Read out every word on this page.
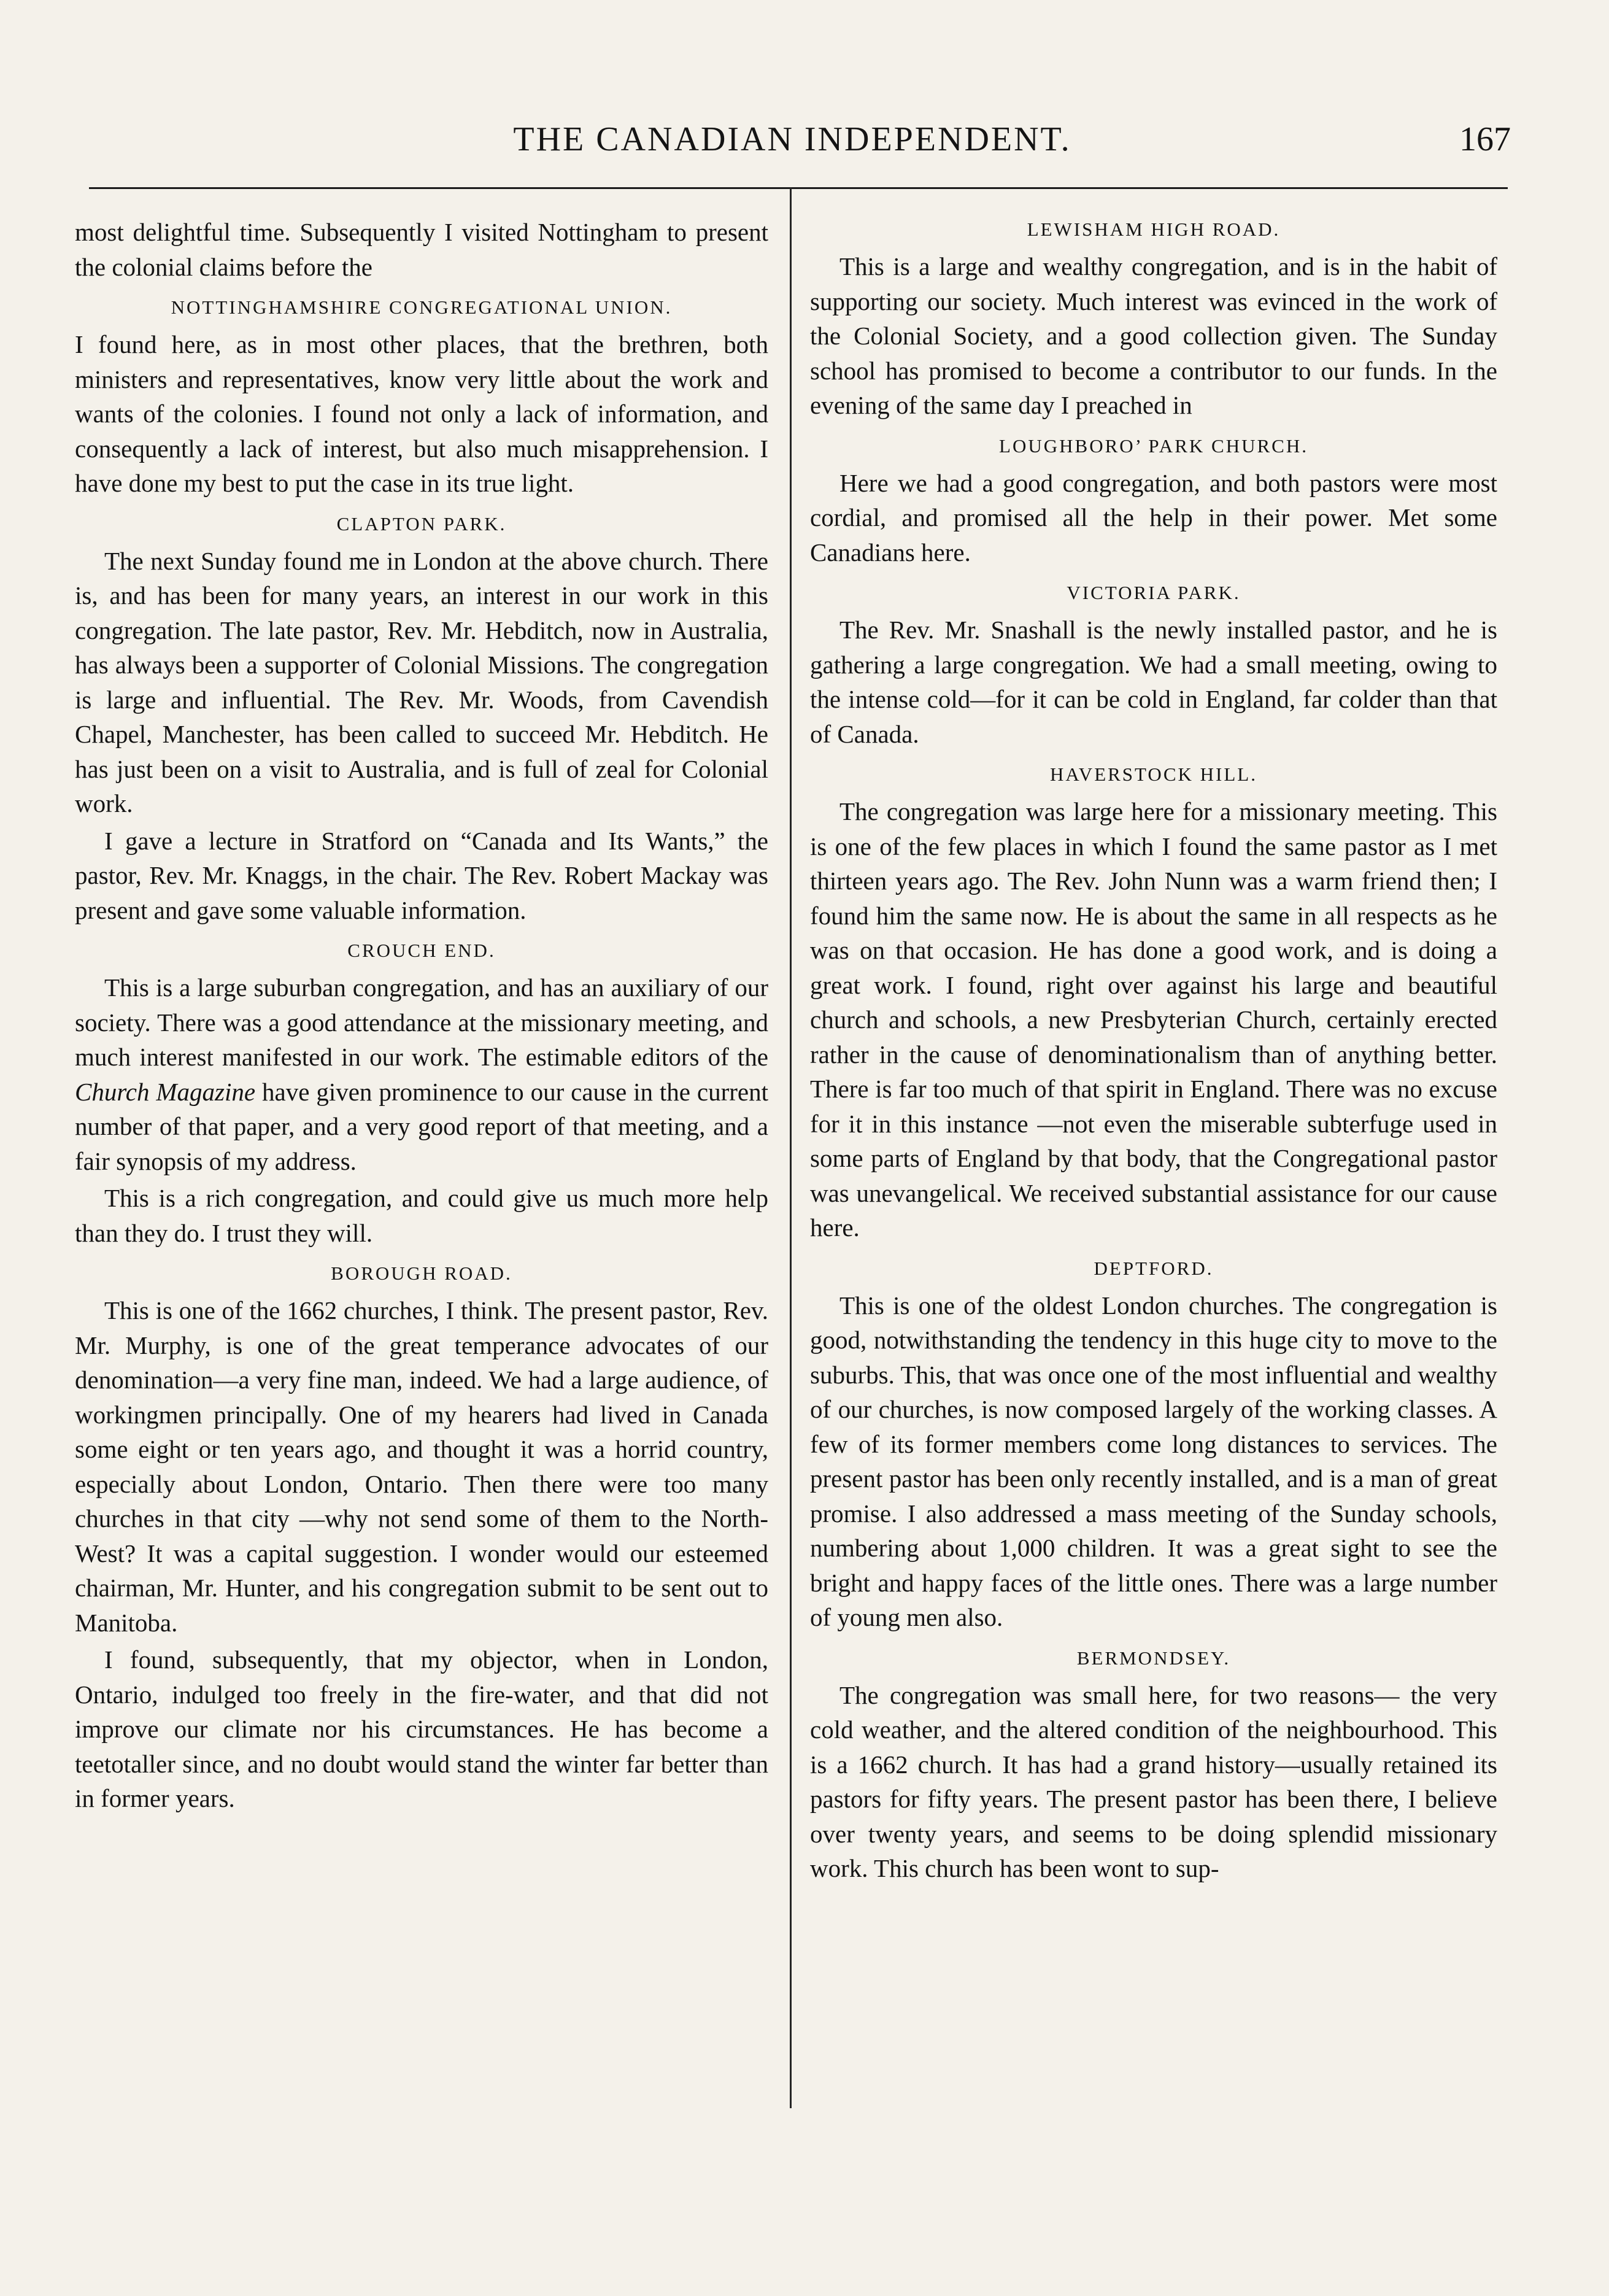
THE CANADIAN INDEPENDENT.	167

most delightful time. Subsequently I visited Nottingham to present the colonial claims before the

NOTTINGHAMSHIRE CONGREGATIONAL UNION.

I found here, as in most other places, that the brethren, both ministers and representatives, know very little about the work and wants of the colonies. I found not only a lack of information, and consequently a lack of interest, but also much misapprehension. I have done my best to put the case in its true light.

CLAPTON PARK.

The next Sunday found me in London at the above church. There is, and has been for many years, an interest in our work in this congregation. The late pastor, Rev. Mr. Hebditch, now in Australia, has always been a supporter of Colonial Missions. The congregation is large and influential. The Rev. Mr. Woods, from Cavendish Chapel, Manchester, has been called to succeed Mr. Hebditch. He has just been on a visit to Australia, and is full of zeal for Colonial work.

I gave a lecture in Stratford on “Canada and Its Wants,” the pastor, Rev. Mr. Knaggs, in the chair. The Rev. Robert Mackay was present and gave some valuable information.

CROUCH END.

This is a large suburban congregation, and has an auxiliary of our society. There was a good attendance at the missionary meeting, and much interest manifested in our work. The estimable editors of the Church Magazine have given prominence to our cause in the current number of that paper, and a very good report of that meeting, and a fair synopsis of my address.

This is a rich congregation, and could give us much more help than they do. I trust they will.

BOROUGH ROAD.

This is one of the 1662 churches, I think. The present pastor, Rev. Mr. Murphy, is one of the great temperance advocates of our denomination—a very fine man, indeed. We had a large audience, of workingmen principally. One of my hearers had lived in Canada some eight or ten years ago, and thought it was a horrid country, especially about London, Ontario. Then there were too many churches in that city —why not send some of them to the North-West? It was a capital suggestion. I wonder would our esteemed chairman, Mr. Hunter, and his congregation submit to be sent out to Manitoba.

I found, subsequently, that my objector, when in London, Ontario, indulged too freely in the fire-water, and that did not improve our climate nor his circumstances. He has become a teetotaller since, and no doubt would stand the winter far better than in former years.

LEWISHAM HIGH ROAD.

This is a large and wealthy congregation, and is in the habit of supporting our society. Much interest was evinced in the work of the Colonial Society, and a good collection given. The Sunday school has promised to become a contributor to our funds. In the evening of the same day I preached in

LOUGHBORO’ PARK CHURCH.

Here we had a good congregation, and both pastors were most cordial, and promised all the help in their power. Met some Canadians here.

VICTORIA PARK.

The Rev. Mr. Snashall is the newly installed pastor, and he is gathering a large congregation. We had a small meeting, owing to the intense cold—for it can be cold in England, far colder than that of Canada.

HAVERSTOCK HILL.

The congregation was large here for a missionary meeting. This is one of the few places in which I found the same pastor as I met thirteen years ago. The Rev. John Nunn was a warm friend then; I found him the same now. He is about the same in all respects as he was on that occasion. He has done a good work, and is doing a great work. I found, right over against his large and beautiful church and schools, a new Presbyterian Church, certainly erected rather in the cause of denominationalism than of anything better. There is far too much of that spirit in England. There was no excuse for it in this instance —not even the miserable subterfuge used in some parts of England by that body, that the Congregational pastor was unevangelical. We received substantial assistance for our cause here.

DEPTFORD.

This is one of the oldest London churches. The congregation is good, notwithstanding the tendency in this huge city to move to the suburbs. This, that was once one of the most influential and wealthy of our churches, is now composed largely of the working classes. A few of its former members come long distances to services. The present pastor has been only recently installed, and is a man of great promise. I also addressed a mass meeting of the Sunday schools, numbering about 1,000 children. It was a great sight to see the bright and happy faces of the little ones. There was a large number of young men also.

BERMONDSEY.

The congregation was small here, for two reasons— the very cold weather, and the altered condition of the neighbourhood. This is a 1662 church. It has had a grand history—usually retained its pastors for fifty years. The present pastor has been there, I believe over twenty years, and seems to be doing splendid missionary work. This church has been wont to sup-
